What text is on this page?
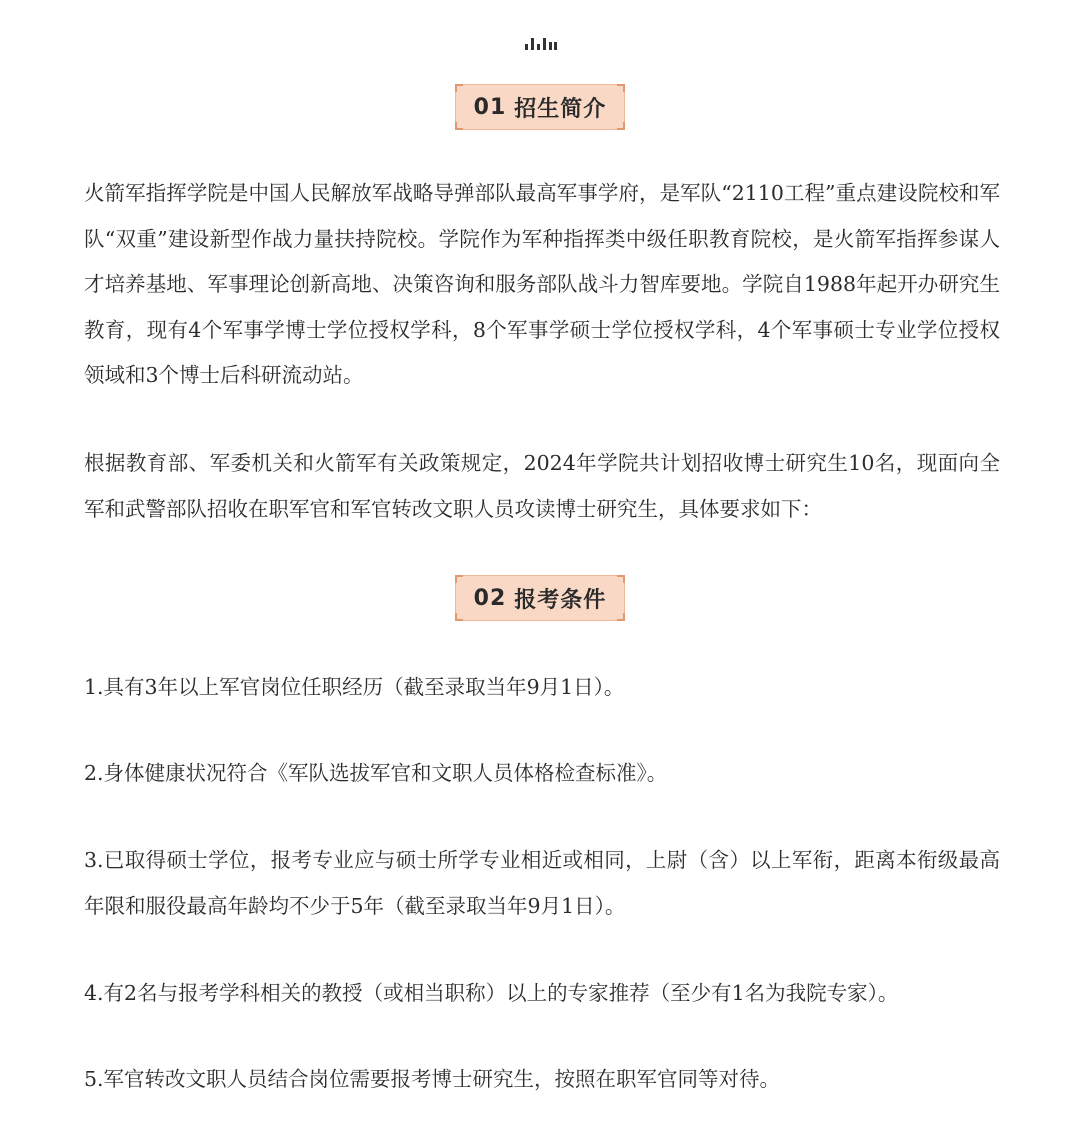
01 招生简介

火箭军指挥学院是中国人民解放军战略导弹部队最高军事学府，是军队“2110工程”重点建设院校和军队“双重”建设新型作战力量扶持院校。学院作为军种指挥类中级任职教育院校，是火箭军指挥参谋人才培养基地、军事理论创新高地、决策咨询和服务部队战斗力智库要地。学院自1988年起开办研究生教育，现有4个军事学博士学位授权学科，8个军事学硕士学位授权学科，4个军事硕士专业学位授权领域和3个博士后科研流动站。

根据教育部、军委机关和火箭军有关政策规定，2024年学院共计划招收博士研究生10名，现面向全军和武警部队招收在职军官和军官转改文职人员攻读博士研究生，具体要求如下：

02 报考条件

1.具有3年以上军官岗位任职经历（截至录取当年9月1日）。

2.身体健康状况符合《军队选拔军官和文职人员体格检查标准》。

3.已取得硕士学位，报考专业应与硕士所学专业相近或相同，上尉（含）以上军衔，距离本衔级最高年限和服役最高年龄均不少于5年（截至录取当年9月1日）。

4.有2名与报考学科相关的教授（或相当职称）以上的专家推荐（至少有1名为我院专家）。

5.军官转改文职人员结合岗位需要报考博士研究生，按照在职军官同等对待。
